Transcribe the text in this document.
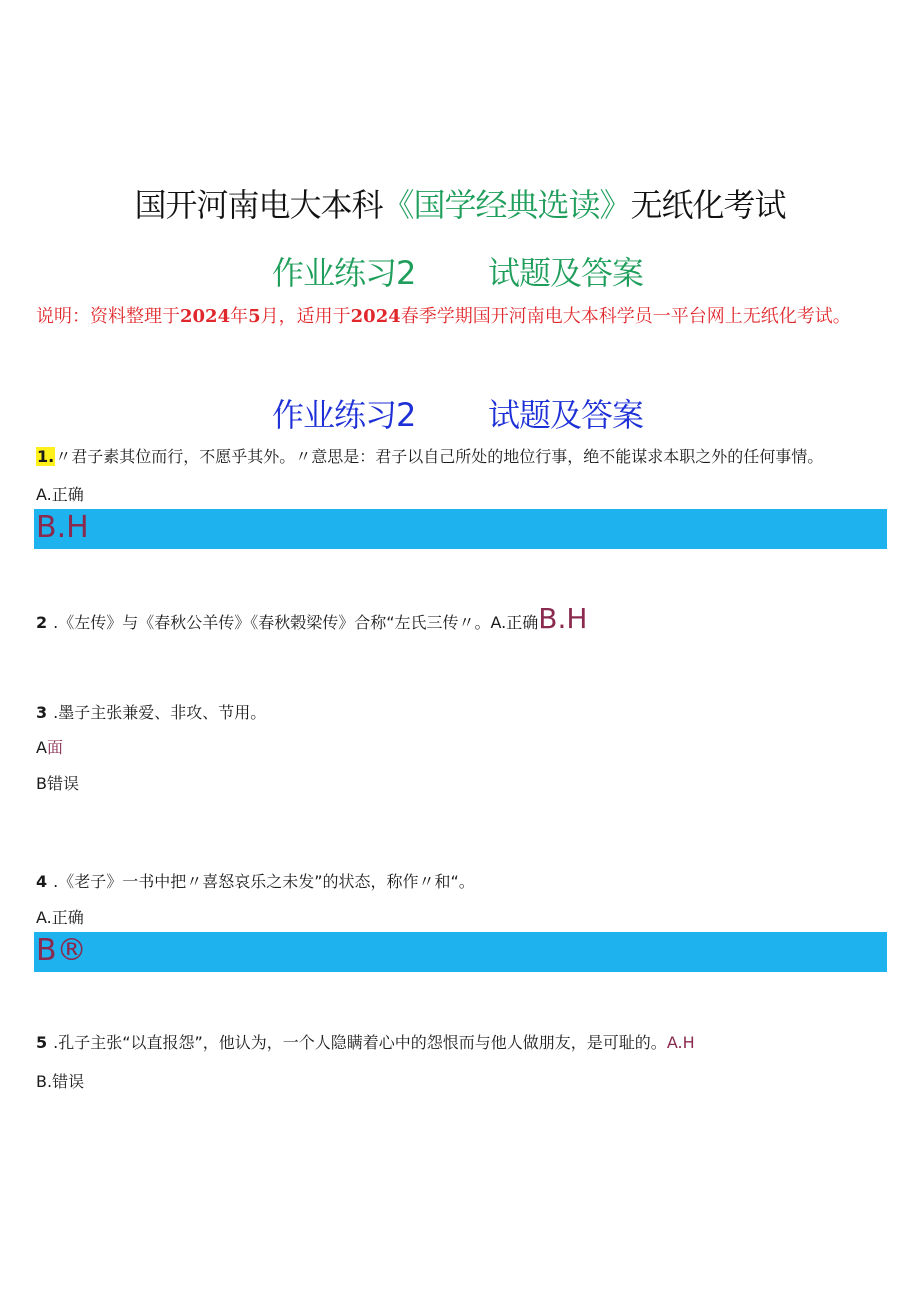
国开河南电大本科《国学经典选读》无纸化考试
作业练习2 试题及答案
说明：资料整理于2024年5月，适用于2024春季学期国开河南电大本科学员一平台网上无纸化考试。
作业练习2 试题及答案
1.〃君子素其位而行，不愿乎其外。〃意思是：君子以自己所处的地位行事，绝不能谋求本职之外的任何事情。
A.正确
B.H
2 .《左传》与《春秋公羊传》《春秋榖梁传》合称“左氏三传〃。A.正确B.H
3 .墨子主张兼爱、非攻、节用。
A面
B错误
4 .《老子》一书中把〃喜怒哀乐之未发”的状态，称作〃和“。
A.正确
B®
5 .孔子主张“以直报怨”，他认为，一个人隐瞒着心中的怨恨而与他人做朋友，是可耻的。A.H
B.错误
